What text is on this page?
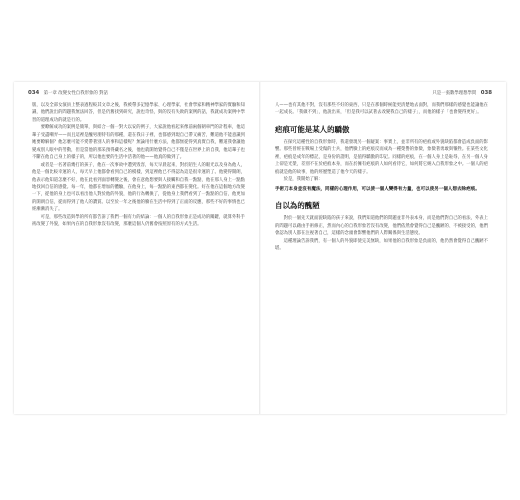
034 第一章 改變女性自我形象的 對話

版，以及全部女演員上整表過程較其文章之後，我被帶多記憶學家、心理學家、社會學家和精神學家的實驗和知識，他們說出的問題我無法回答，但是仍舊找到研究，說也奇怪，與的沒有失敗的案例的話，我就成功案例中學習的道理成功的就是行的。

要瞭解成功的案例是簡單，與結合一個一對大以安的例子，大家說他看起來像前兩個朝車門的計程車，他這輩子受盡嘲弄——而且這裡是醜男朋特有的那種，還在我日子裡，也都感到現自己帶又痛苦，難道他不能意識到她要瞭解個？他怎麼可能不愛帶著別人的事和這樣呢？無論用什麼方法，他都無從得到真實自我，難道我會讓他變成別人眼中的勞動，但是當他的那采預得藏名之後，他也就開始覺得自己不僅是在世界上的自我，他這輩子也不斷在他自己身上的樣子的，所以他也要的生活中活著的他——他真的做到了。

或者是一名著前幾打的孩子，他在一次事故中遭到毀容，每天早晨起來，對於陌生人的眼光以及身為他人，他是一個比較幸運的人，每天早上他都會看到自己的模樣，到這裡他已不得認為這是很幸運的了。他變得開朗，他表示他知道怎麼不好，他在此看到面容轉變之後，會在意他想要與人接觸和自我一點點，他在那人身上一點點地找回自信的感覺。每一年，他都在增加的體驗，在他身上，每一點點的東西都在變化。好在他在這個地方改變一下，從他的身上也可以看出他人對於他的外貌，他的行為轉換了，從他身上我們看到了一點點的自信，他更加的開朗自信，從而得到了他人的讚賞。以至於一年之後他的臉在生活中得到了正面的反應，那些不好的事情也已經漸漸消失了。

可是，那些改造與學的所有都告訴了我們一個有力的結論：一個人的自我形象正是成功的關鍵，就算外科手術改變了外貌，如果內在的自我形象沒有改變，那麼這個人仍舊會按照原有的方式生活。

只是一張數學理想學問 038

人——也有其他不對，沒有那些不好的東西，只是在那個時候能更清楚地去面對，而我們那樣的感覺也能讓他在一起成長。「我做不到」，他說出來，「但是我可以試著去改變我自己的樣子」，而他的樣子「也會變得更好」。

疤痕可能是某人的驕傲

在探究這種性的自我形象時，我還發現另一個疑案：事實上，並非所有的疤痕或外貌缺陷都會造成負面的影響。那些曾經在戰場上受傷的士兵，他們臉上的疤痕反而成為一種榮譽的象徵，象徵著勇敢與犧牲。在某些文化裡，疤痕是成年的標記，是身份的證明，是值得驕傲的印記。同樣的疤痕，在一個人身上是恥辱，在另一個人身上卻是光榮，差別不在於疤痕本身，而在於擁有疤痕的人如何看待它，如何將它納入自我形象之中。一個人的疤痕就是他的故事，他的經歷塑造了他今天的樣子。

於是，我開始了解：

手術刀本身並沒有魔法，同樣的心理作用，可以使一個人變得有力量，也可以使另一個人想去除疤痕。
自以為的醜陋

對於一個先天就面貌缺陷的孩子來說，我們知道他們的問題並非外表本身，而是他們對自己的看法，外表上的問題可以藉由手術修正，然而內心的自我形象若沒有改變，他們依然會覺得自己是醜陋的、不被接受的，他們會認為別人都在注視著自己，這樣的念頭會影響他們的人際關係與生活態度。

這種理論告訴我們，有一個人的外貌即使完美無缺，如果他的自我形象是負面的，他仍然會覺得自己醜陋不堪。
